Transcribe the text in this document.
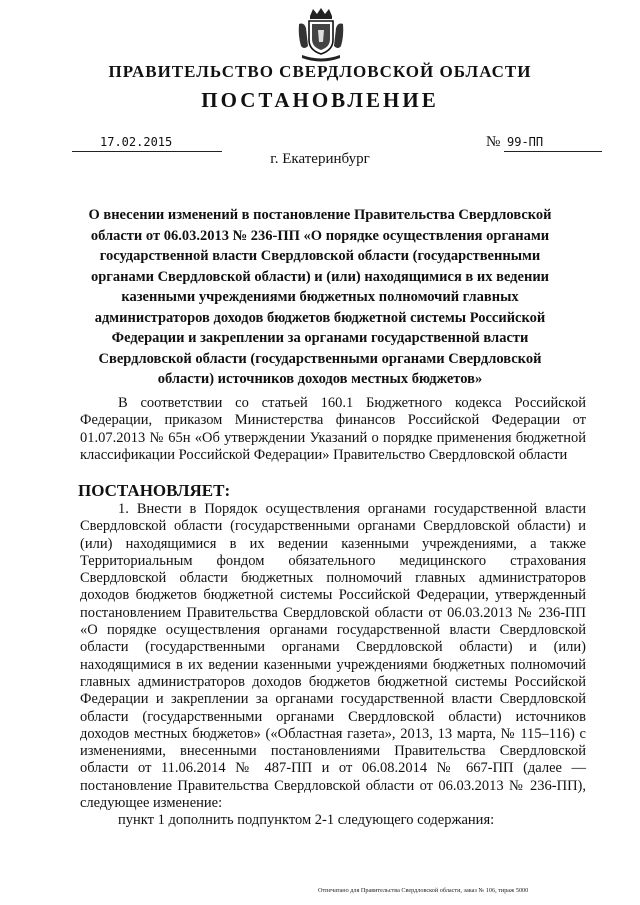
ПРАВИТЕЛЬСТВО СВЕРДЛОВСКОЙ ОБЛАСТИ
ПОСТАНОВЛЕНИЕ
17.02.2015	№ 99-ПП
г. Екатеринбург
О внесении изменений в постановление Правительства Свердловской области от 06.03.2013 № 236-ПП «О порядке осуществления органами государственной власти Свердловской области (государственными органами Свердловской области) и (или) находящимися в их ведении казенными учреждениями бюджетных полномочий главных администраторов доходов бюджетов бюджетной системы Российской Федерации и закреплении за органами государственной власти Свердловской области (государственными органами Свердловской области) источников доходов местных бюджетов»
В соответствии со статьей 160.1 Бюджетного кодекса Российской Федерации, приказом Министерства финансов Российской Федерации от 01.07.2013 № 65н «Об утверждении Указаний о порядке применения бюджетной классификации Российской Федерации» Правительство Свердловской области
ПОСТАНОВЛЯЕТ:
1. Внести в Порядок осуществления органами государственной власти Свердловской области (государственными органами Свердловской области) и (или) находящимися в их ведении казенными учреждениями, а также Территориальным фондом обязательного медицинского страхования Свердловской области бюджетных полномочий главных администраторов доходов бюджетов бюджетной системы Российской Федерации, утвержденный постановлением Правительства Свердловской области от 06.03.2013 № 236-ПП «О порядке осуществления органами государственной власти Свердловской области (государственными органами Свердловской области) и (или) находящимися в их ведении казенными учреждениями бюджетных полномочий главных администраторов доходов бюджетов бюджетной системы Российской Федерации и закреплении за органами государственной власти Свердловской области (государственными органами Свердловской области) источников доходов местных бюджетов» («Областная газета», 2013, 13 марта, № 115–116) с изменениями, внесенными постановлениями Правительства Свердловской области от 11.06.2014 № 487-ПП и от 06.08.2014 № 667-ПП (далее — постановление Правительства Свердловской области от 06.03.2013 № 236-ПП), следующее изменение:
пункт 1 дополнить подпунктом 2-1 следующего содержания:
Отпечатано для Правительства Свердловской области, заказ № 106, тираж 5000
